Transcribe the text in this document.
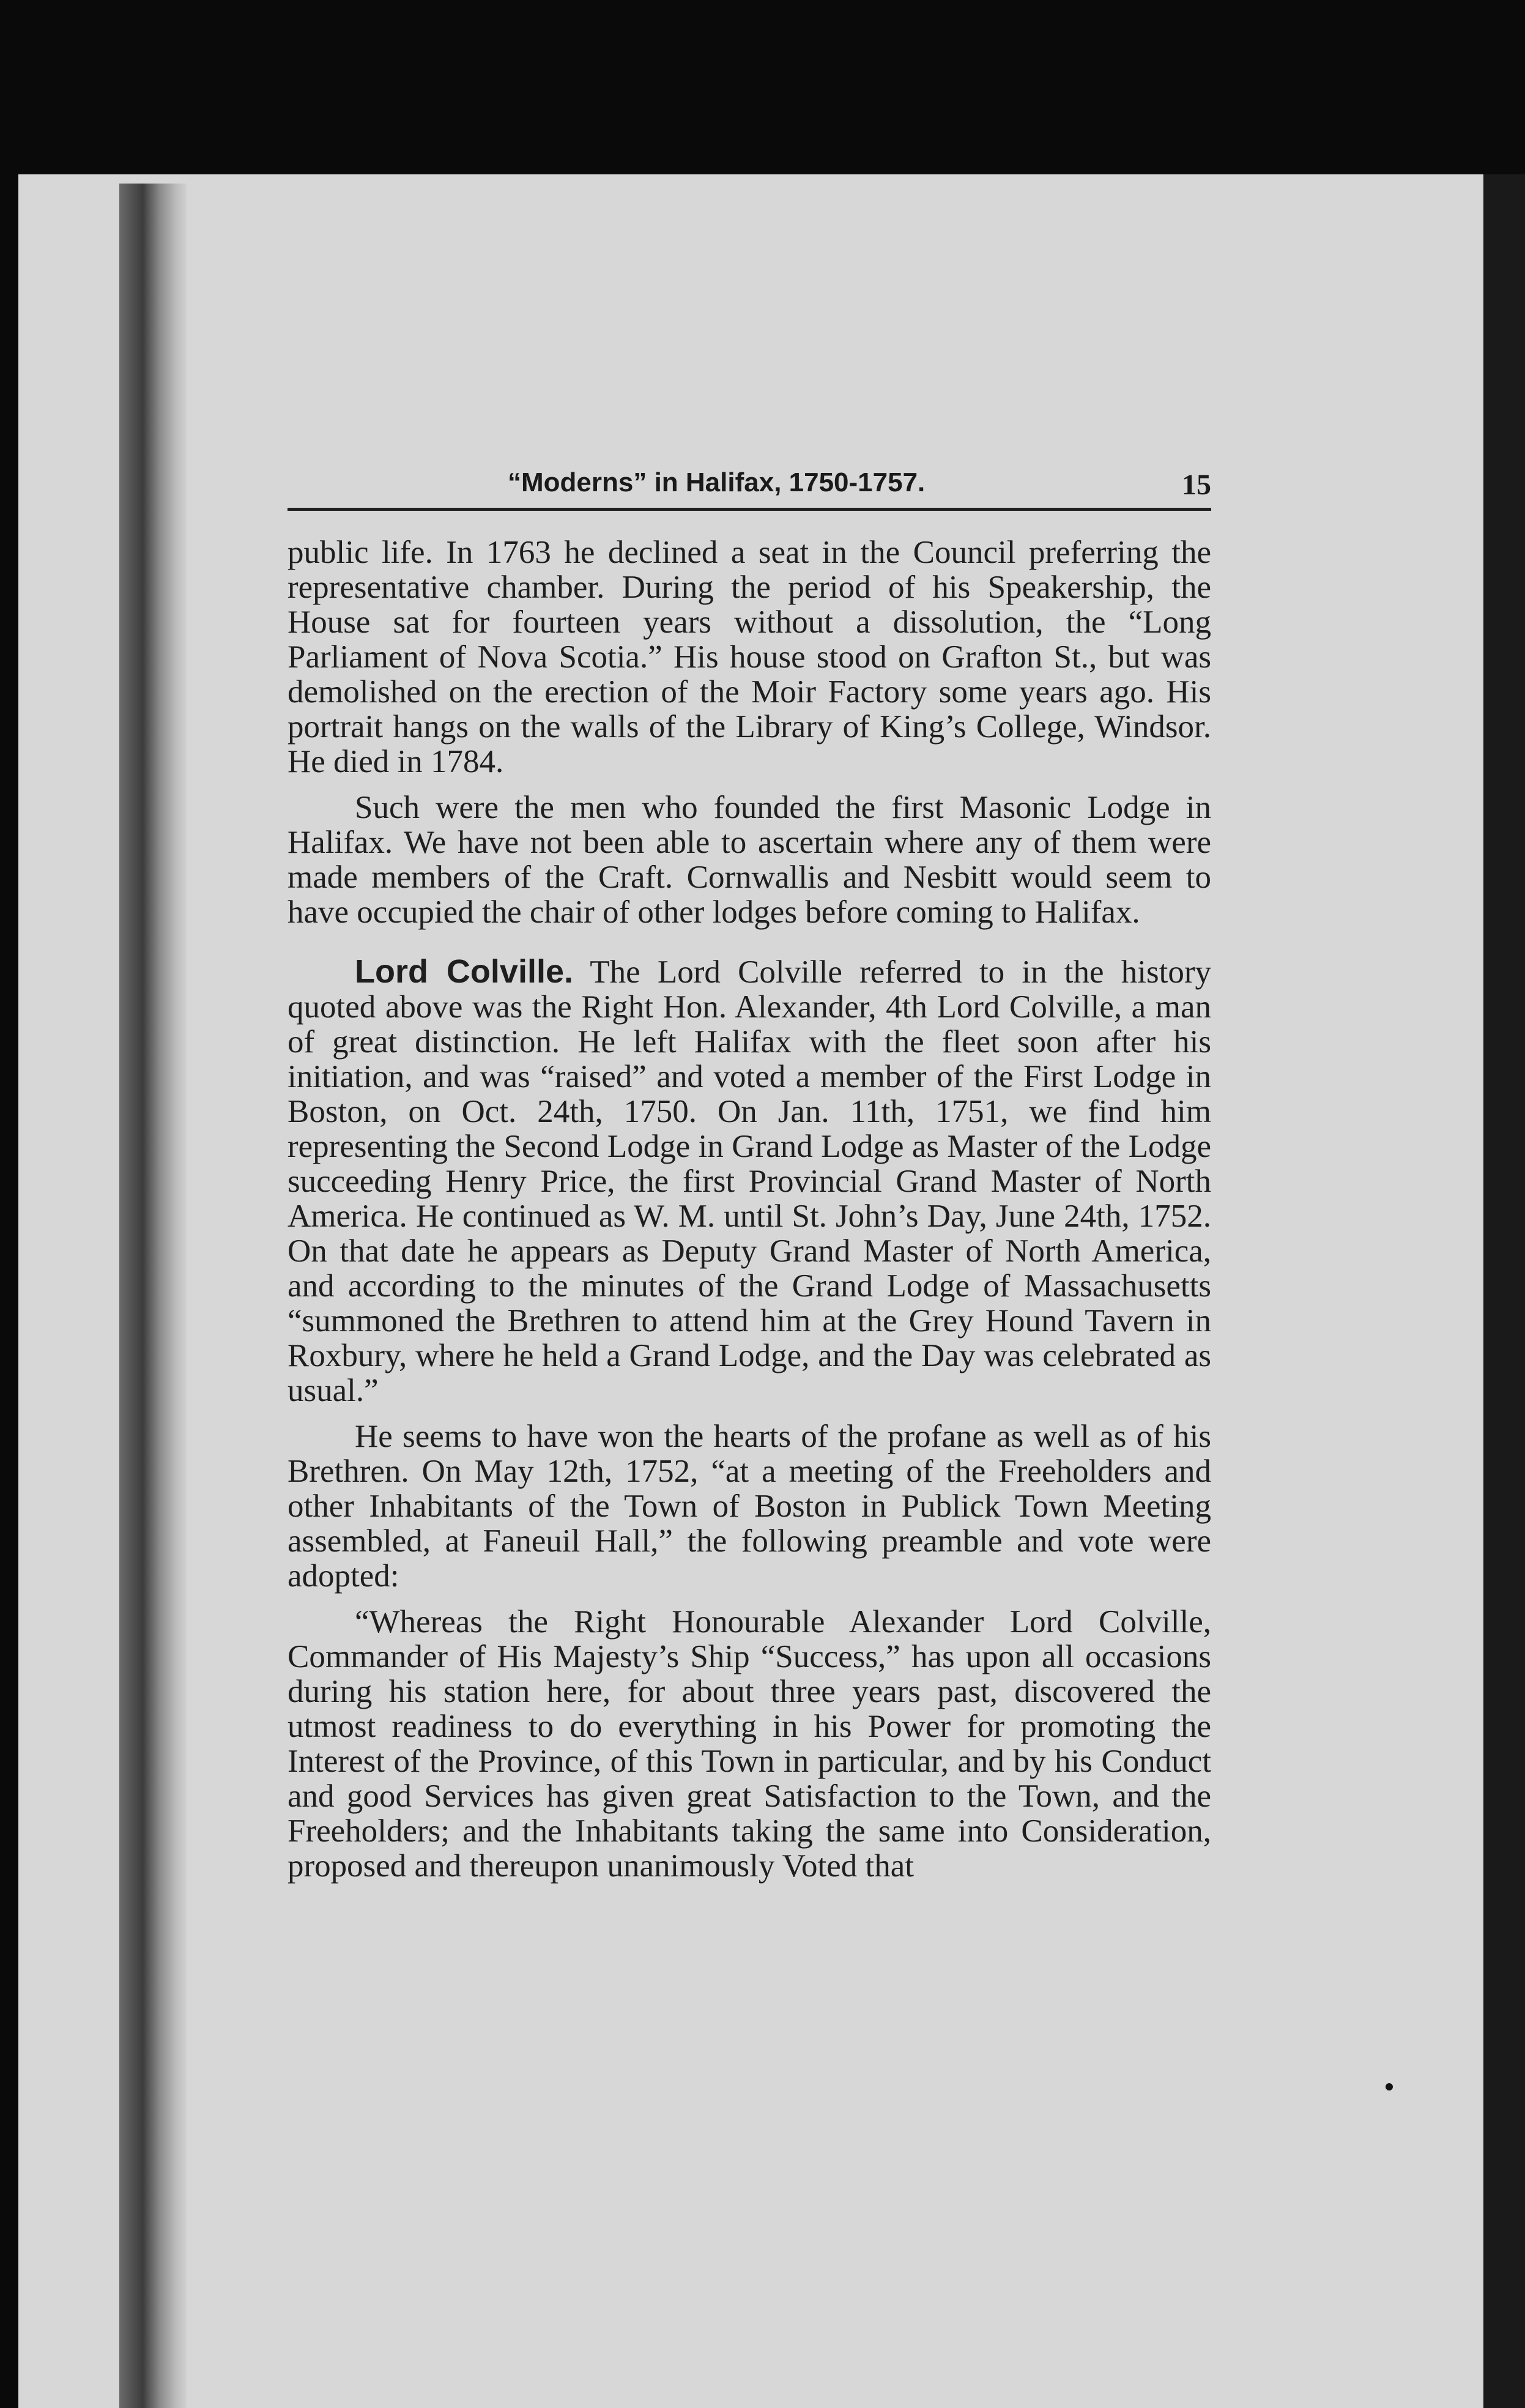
“Moderns” in Halifax, 1750-1757.	15

public life. In 1763 he declined a seat in the Council preferring the representative chamber. During the period of his Speakership, the House sat for fourteen years without a dissolution, the “Long Parliament of Nova Scotia.” His house stood on Grafton St., but was demolished on the erection of the Moir Factory some years ago. His portrait hangs on the walls of the Library of King’s College, Windsor. He died in 1784.

Such were the men who founded the first Masonic Lodge in Halifax. We have not been able to ascertain where any of them were made members of the Craft. Cornwallis and Nesbitt would seem to have occupied the chair of other lodges before coming to Halifax.

Lord Colville. The Lord Colville referred to in the history quoted above was the Right Hon. Alexander, 4th Lord Colville, a man of great distinction. He left Halifax with the fleet soon after his initiation, and was “raised” and voted a member of the First Lodge in Boston, on Oct. 24th, 1750. On Jan. 11th, 1751, we find him representing the Second Lodge in Grand Lodge as Master of the Lodge succeeding Henry Price, the first Provincial Grand Master of North America. He continued as W. M. until St. John’s Day, June 24th, 1752. On that date he appears as Deputy Grand Master of North America, and according to the minutes of the Grand Lodge of Massachusetts “summoned the Brethren to attend him at the Grey Hound Tavern in Roxbury, where he held a Grand Lodge, and the Day was celebrated as usual.”

He seems to have won the hearts of the profane as well as of his Brethren. On May 12th, 1752, “at a meeting of the Freeholders and other Inhabitants of the Town of Boston in Publick Town Meeting assembled, at Faneuil Hall,” the following preamble and vote were adopted:

“Whereas the Right Honourable Alexander Lord Colville, Commander of His Majesty’s Ship “Success,” has upon all occasions during his station here, for about three years past, discovered the utmost readiness to do everything in his Power for promoting the Interest of the Province, of this Town in particular, and by his Conduct and good Services has given great Satisfaction to the Town, and the Freeholders; and the Inhabitants taking the same into Consideration, proposed and thereupon unanimously Voted that
